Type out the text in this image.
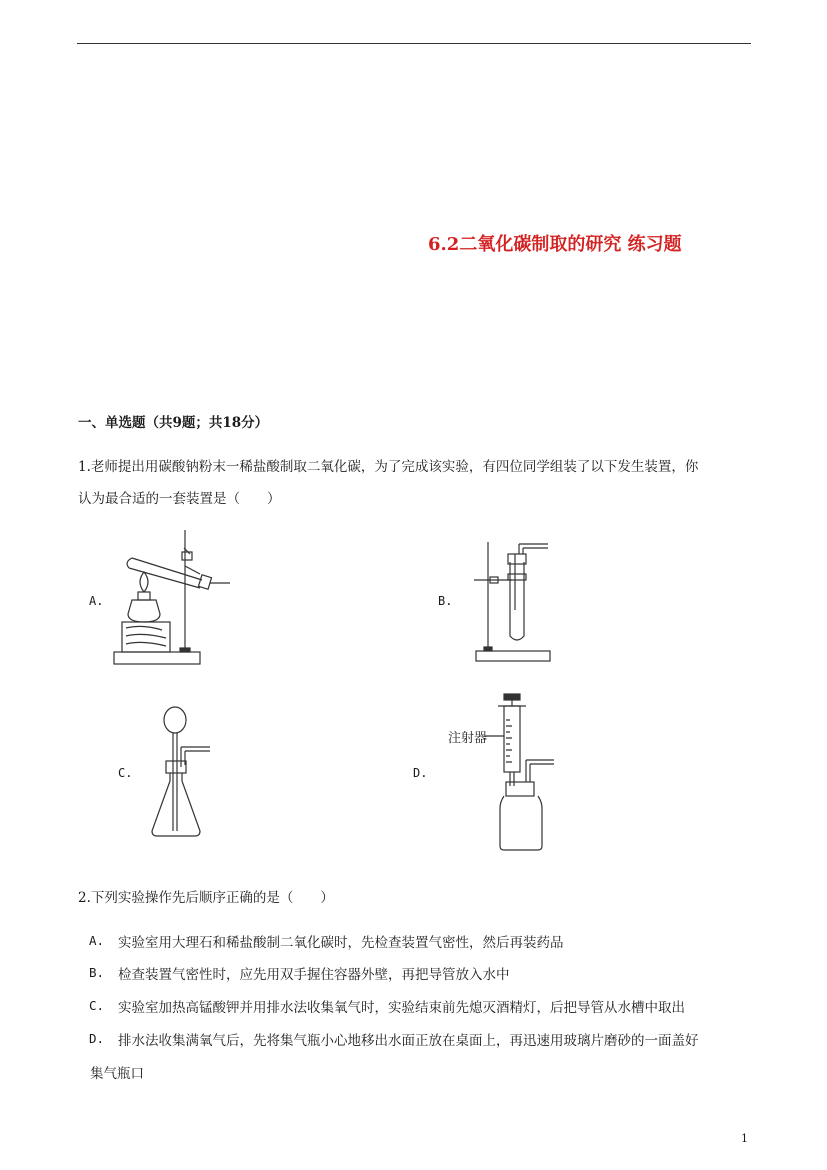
6.2二氧化碳制取的研究 练习题
一、单选题（共9题；共18分）
1.老师提出用碳酸钠粉末一稀盐酸制取二氧化碳，为了完成该实验，有四位同学组装了以下发生装置，你
认为最合适的一套装置是（　　）
A.	B.
C.	D.
注射器
2.下列实验操作先后顺序正确的是（　　）
A. 实验室用大理石和稀盐酸制二氧化碳时，先检查装置气密性，然后再装药品
B. 检查装置气密性时，应先用双手握住容器外壁，再把导管放入水中
C. 实验室加热高锰酸钾并用排水法收集氧气时，实验结束前先熄灭酒精灯，后把导管从水槽中取出
D. 排水法收集满氧气后，先将集气瓶小心地移出水面正放在桌面上，再迅速用玻璃片磨砂的一面盖好
集气瓶口
1
